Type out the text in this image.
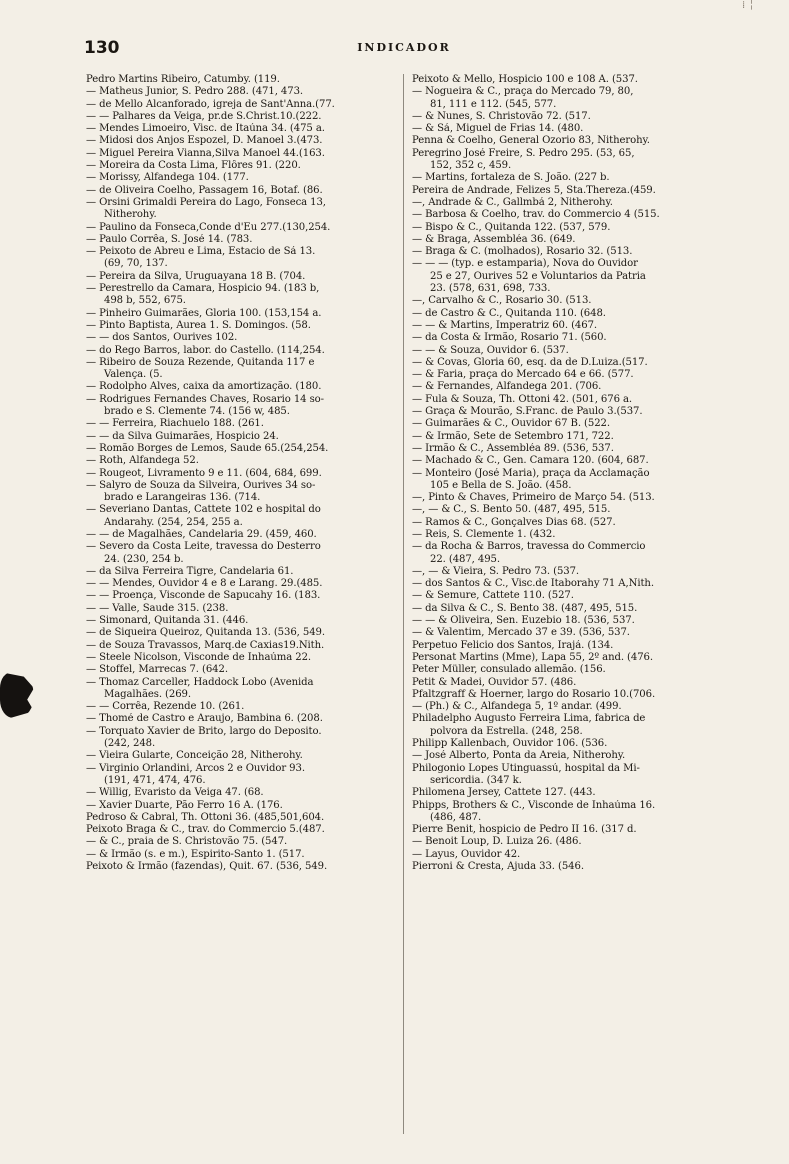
⁞ ╎
130	INDICADOR
Pedro Martins Ribeiro, Catumby. (119.
— Matheus Junior, S. Pedro 288. (471, 473.
— de Mello Alcanforado, igreja de Sant'Anna.(77.
— — Palhares da Veiga, pr.de S.Christ.10.(222.
— Mendes Limoeiro, Visc. de Itaúna 34. (475 a.
— Midosi dos Anjos Espozel, D. Manoel 3.(473.
— Miguel Pereira Vianna,Silva Manoel 44.(163.
— Moreira da Costa Lima, Flôres 91. (220.
— Morissy, Alfandega 104. (177.
— de Oliveira Coelho, Passagem 16, Botaf. (86.
— Orsini Grimaldi Pereira do Lago, Fonseca 13,
Nitherohy.
— Paulino da Fonseca,Conde d'Eu 277.(130,254.
— Paulo Corrêa, S. José 14. (783.
— Peixoto de Abreu e Lima, Estacio de Sá 13.
(69, 70, 137.
— Pereira da Silva, Uruguayana 18 B. (704.
— Perestrello da Camara, Hospicio 94. (183 b,
498 b, 552, 675.
— Pinheiro Guimarães, Gloria 100. (153,154 a.
— Pinto Baptista, Aurea 1. S. Domingos. (58.
— — dos Santos, Ourives 102.
— do Rego Barros, labor. do Castello. (114,254.
— Ribeiro de Souza Rezende, Quitanda 117 e
Valença. (5.
— Rodolpho Alves, caixa da amortização. (180.
— Rodrigues Fernandes Chaves, Rosario 14 so-
brado e S. Clemente 74. (156 w, 485.
— — Ferreira, Riachuelo 188. (261.
— — da Silva Guimarães, Hospicio 24.
— Romão Borges de Lemos, Saude 65.(254,254.
— Roth, Alfandega 52.
— Rougeot, Livramento 9 e 11. (604, 684, 699.
— Salyro de Souza da Silveira, Ourives 34 so-
brado e Larangeiras 136. (714.
— Severiano Dantas, Cattete 102 e hospital do
Andarahy. (254, 254, 255 a.
— — de Magalhães, Candelaria 29. (459, 460.
— Severo da Costa Leite, travessa do Desterro
24. (230, 254 b.
— da Silva Ferreira Tigre, Candelaria 61.
— — Mendes, Ouvidor 4 e 8 e Larang. 29.(485.
— — Proença, Visconde de Sapucahy 16. (183.
— — Valle, Saude 315. (238.
— Simonard, Quitanda 31. (446.
— de Siqueira Queiroz, Quitanda 13. (536, 549.
— de Souza Travassos, Marq.de Caxias19.Nith.
— Steele Nicolson, Visconde de Inhaúma 22.
— Stoffel, Marrecas 7. (642.
— Thomaz Carceller, Haddock Lobo (Avenida
Magalhães. (269.
— — Corrêa, Rezende 10. (261.
— Thomé de Castro e Araujo, Bambina 6. (208.
— Torquato Xavier de Brito, largo do Deposito.
(242, 248.
— Vieira Gularte, Conceição 28, Nitherohy.
— Virginio Orlandini, Arcos 2 e Ouvidor 93.
(191, 471, 474, 476.
— Willig, Evaristo da Veiga 47. (68.
— Xavier Duarte, Pão Ferro 16 A. (176.
Pedroso & Cabral, Th. Ottoni 36. (485,501,604.
Peixoto Braga & C., trav. do Commercio 5.(487.
— & C., praia de S. Christovão 75. (547.
— & Irmão (s. e m.), Espirito-Santo 1. (517.
Peixoto & Irmão (fazendas), Quit. 67. (536, 549.
Peixoto & Mello, Hospicio 100 e 108 A. (537.
— Nogueira & C., praça do Mercado 79, 80,
81, 111 e 112. (545, 577.
— & Nunes, S. Christovão 72. (517.
— & Sá, Miguel de Frias 14. (480.
Penna & Coelho, General Ozorio 83, Nitherohy.
Peregrino José Freire, S. Pedro 295. (53, 65,
152, 352 c, 459.
— Martins, fortaleza de S. João. (227 b.
Pereira de Andrade, Felizes 5, Sta.Thereza.(459.
—, Andrade & C., Gallmbá 2, Nitherohy.
— Barbosa & Coelho, trav. do Commercio 4 (515.
— Bispo & C., Quitanda 122. (537, 579.
— & Braga, Assembléa 36. (649.
— Braga & C. (molhados), Rosario 32. (513.
— — — (typ. e estamparia), Nova do Ouvidor
25 e 27, Ourives 52 e Voluntarios da Patria
23. (578, 631, 698, 733.
—, Carvalho & C., Rosario 30. (513.
— de Castro & C., Quitanda 110. (648.
— — & Martins, Imperatriz 60. (467.
— da Costa & Irmão, Rosario 71. (560.
— — & Souza, Ouvidor 6. (537.
— & Covas, Gloria 60, esq. da de D.Luiza.(517.
— & Faria, praça do Mercado 64 e 66. (577.
— & Fernandes, Alfandega 201. (706.
— Fula & Souza, Th. Ottoni 42. (501, 676 a.
— Graça & Mourão, S.Franc. de Paulo 3.(537.
— Guimarães & C., Ouvidor 67 B. (522.
— & Irmão, Sete de Setembro 171, 722.
— Irmão & C., Assembléa 89. (536, 537.
— Machado & C., Gen. Camara 120. (604, 687.
— Monteiro (José Maria), praça da Acclamação
105 e Bella de S. João. (458.
—, Pinto & Chaves, Primeiro de Março 54. (513.
—, — & C., S. Bento 50. (487, 495, 515.
— Ramos & C., Gonçalves Dias 68. (527.
— Reis, S. Clemente 1. (432.
— da Rocha & Barros, travessa do Commercio
22. (487, 495.
—, — & Vieira, S. Pedro 73. (537.
— dos Santos & C., Visc.de Itaborahy 71 A,Nith.
— & Semure, Cattete 110. (527.
— da Silva & C., S. Bento 38. (487, 495, 515.
— — & Oliveira, Sen. Euzebio 18. (536, 537.
— & Valentim, Mercado 37 e 39. (536, 537.
Perpetuo Felicio dos Santos, Irajá. (134.
Personat Martins (Mme), Lapa 55, 2º and. (476.
Peter Müller, consulado allemão. (156.
Petit & Madei, Ouvidor 57. (486.
Pfaltzgraff & Hoerner, largo do Rosario 10.(706.
— (Ph.) & C., Alfandega 5, 1º andar. (499.
Philadelpho Augusto Ferreira Lima, fabrica de
polvora da Estrella. (248, 258.
Philipp Kallenbach, Ouvidor 106. (536.
— José Alberto, Ponta da Areia, Nitherohy.
Philogonio Lopes Utinguassú, hospital da Mi-
sericordia. (347 k.
Philomena Jersey, Cattete 127. (443.
Phipps, Brothers & C., Visconde de Inhaúma 16.
(486, 487.
Pierre Benit, hospicio de Pedro II 16. (317 d.
— Benoit Loup, D. Luiza 26. (486.
— Layus, Ouvidor 42.
Pierroni & Cresta, Ajuda 33. (546.
